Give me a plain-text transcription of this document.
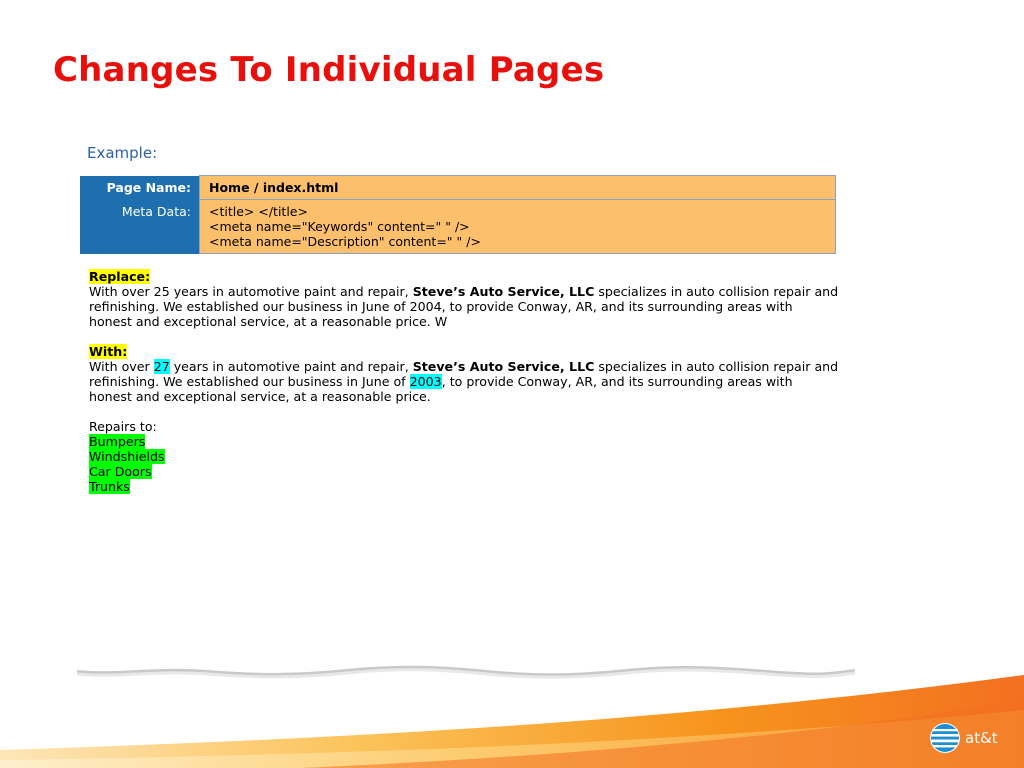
Changes To Individual Pages
Example:
Page Name:	Home / index.html
Meta Data:	<title> </title>
<meta name="Keywords" content=" " />
<meta name="Description" content=" " />

Replace:
With over 25 years in automotive paint and repair, Steve’s Auto Service, LLC specializes in auto collision repair and refinishing. We established our business in June of 2004, to provide Conway, AR, and its surrounding areas with honest and exceptional service, at a reasonable price. W

With:
With over 27 years in automotive paint and repair, Steve’s Auto Service, LLC specializes in auto collision repair and refinishing. We established our business in June of 2003, to provide Conway, AR, and its surrounding areas with honest and exceptional service, at a reasonable price.

Repairs to:
Bumpers
Windshields
Car Doors
Trunks
at&t
